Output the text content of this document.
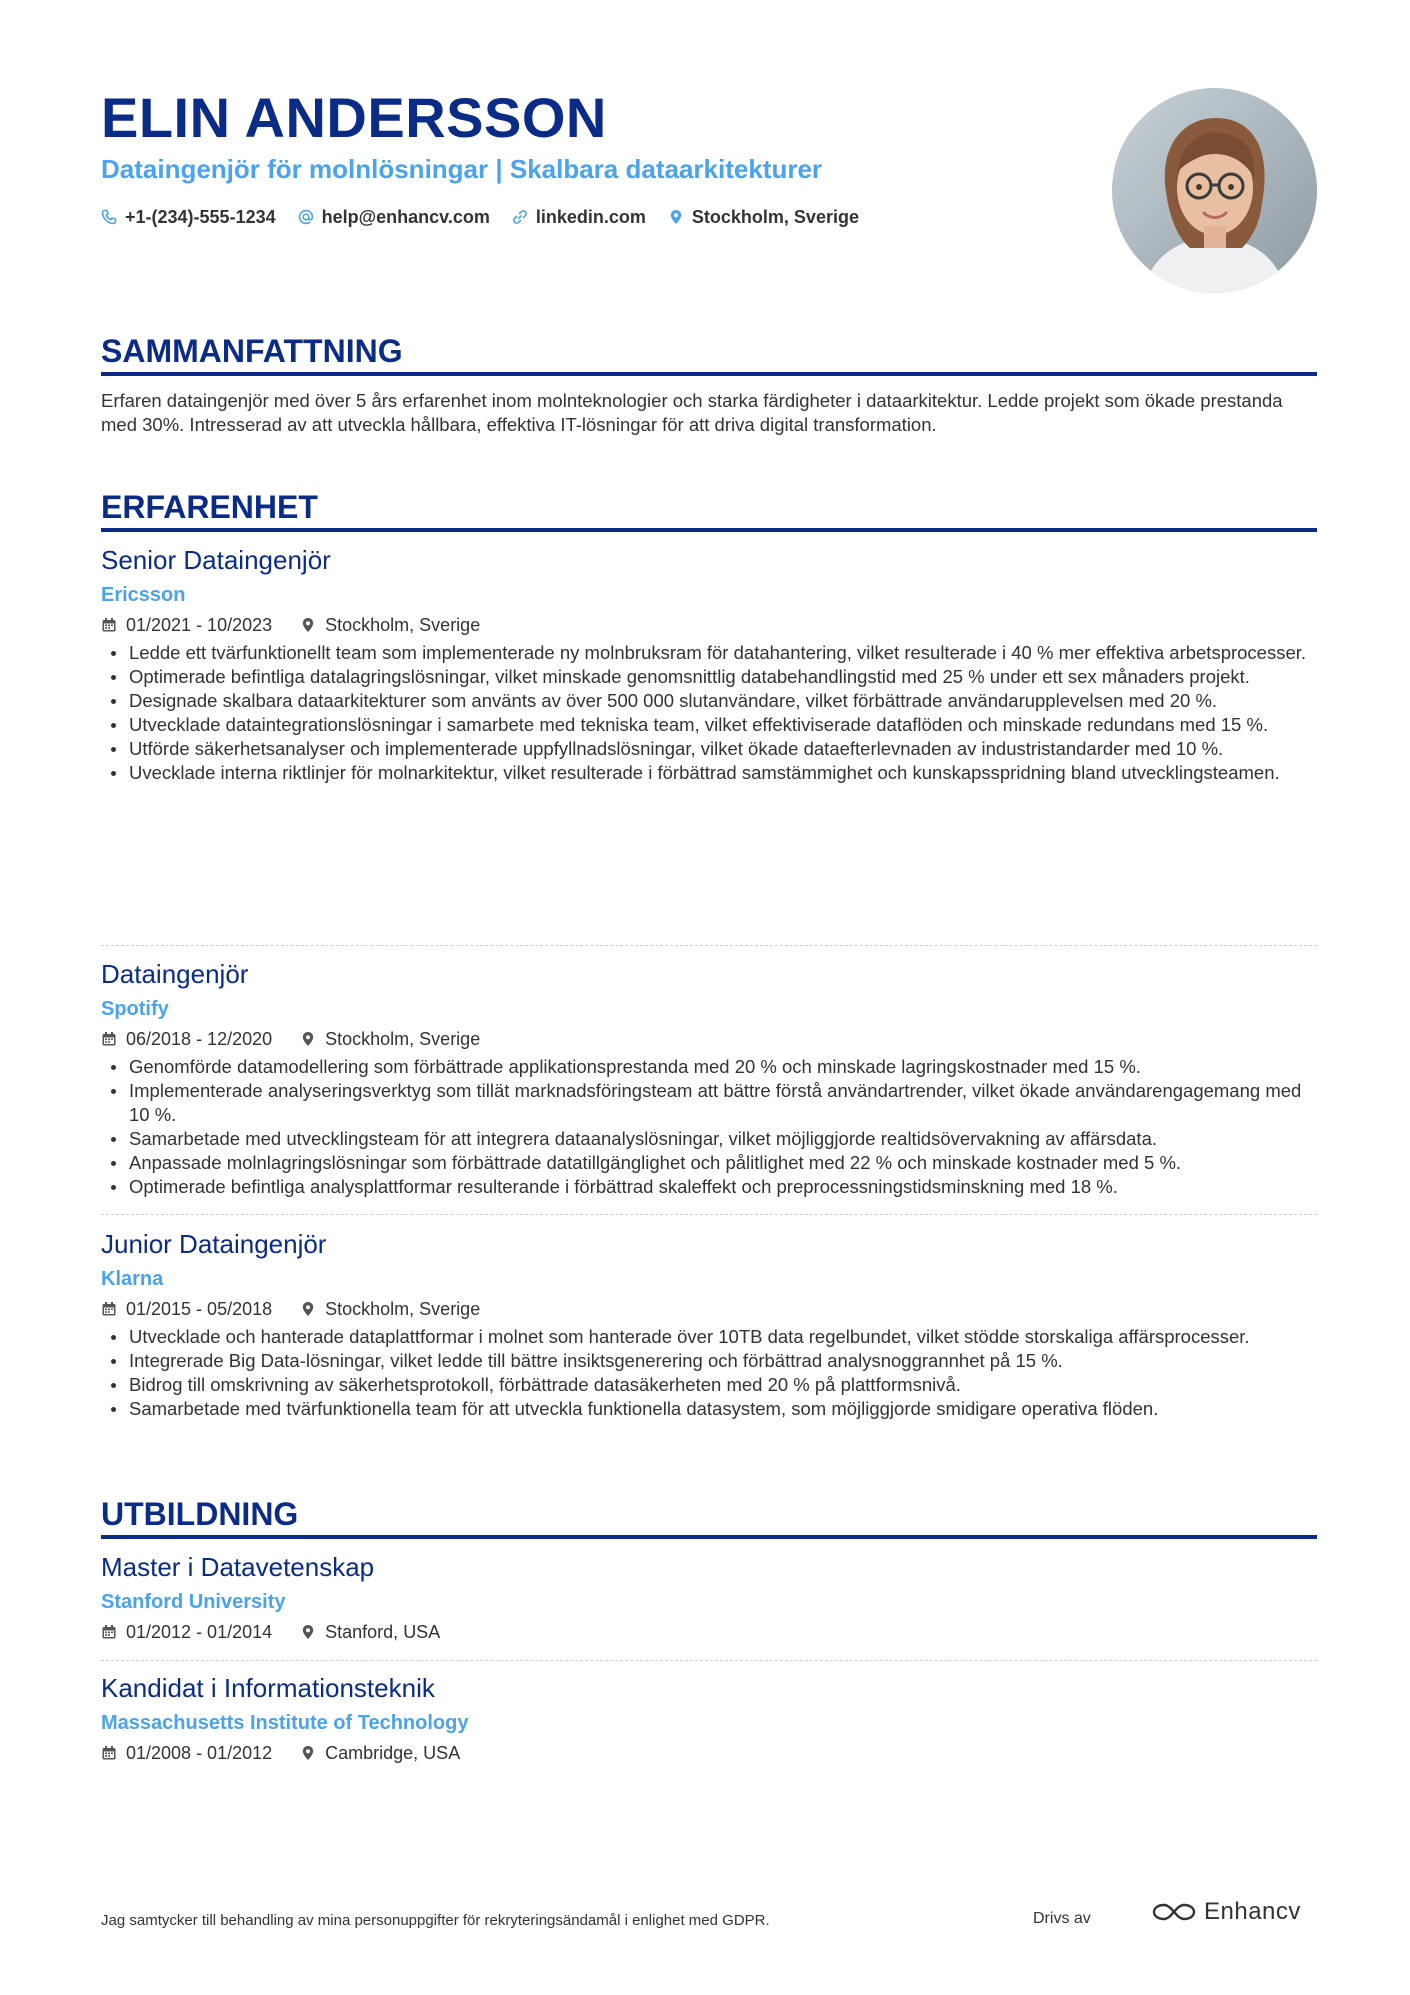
ELIN ANDERSSON

Dataingenjör för molnlösningar | Skalbara dataarkitekturer

+1-(234)-555-1234	help@enhancv.com	linkedin.com	Stockholm, Sverige
SAMMANFATTNING

Erfaren dataingenjör med över 5 års erfarenhet inom molnteknologier och starka färdigheter i dataarkitektur. Ledde projekt som ökade prestanda med 30%. Intresserad av att utveckla hållbara, effektiva IT-lösningar för att driva digital transformation.

ERFARENHET

Senior Dataingenjör

Ericsson

01/2021 - 10/2023	Stockholm, Sverige
Ledde ett tvärfunktionellt team som implementerade ny molnbruksram för datahantering, vilket resulterade i 40 % mer effektiva arbetsprocesser.
Optimerade befintliga datalagringslösningar, vilket minskade genomsnittlig databehandlingstid med 25 % under ett sex månaders projekt.
Designade skalbara dataarkitekturer som använts av över 500 000 slutanvändare, vilket förbättrade användarupplevelsen med 20 %.
Utvecklade dataintegrationslösningar i samarbete med tekniska team, vilket effektiviserade dataflöden och minskade redundans med 15 %.
Utförde säkerhetsanalyser och implementerade uppfyllnadslösningar, vilket ökade dataefterlevnaden av industristandarder med 10 %.
Uvecklade interna riktlinjer för molnarkitektur, vilket resulterade i förbättrad samstämmighet och kunskapsspridning bland utvecklingsteamen.

Dataingenjör

Spotify

06/2018 - 12/2020	Stockholm, Sverige
Genomförde datamodellering som förbättrade applikationsprestanda med 20 % och minskade lagringskostnader med 15 %.
Implementerade analyseringsverktyg som tillät marknadsföringsteam att bättre förstå användartrender, vilket ökade användarengagemang med 10 %.
Samarbetade med utvecklingsteam för att integrera dataanalyslösningar, vilket möjliggjorde realtidsövervakning av affärsdata.
Anpassade molnlagringslösningar som förbättrade datatillgänglighet och pålitlighet med 22 % och minskade kostnader med 5 %.
Optimerade befintliga analysplattformar resulterande i förbättrad skaleffekt och preprocessningstidsminskning med 18 %.

Junior Dataingenjör

Klarna

01/2015 - 05/2018	Stockholm, Sverige
Utvecklade och hanterade dataplattformar i molnet som hanterade över 10TB data regelbundet, vilket stödde storskaliga affärsprocesser.
Integrerade Big Data-lösningar, vilket ledde till bättre insiktsgenerering och förbättrad analysnoggrannhet på 15 %.
Bidrog till omskrivning av säkerhetsprotokoll, förbättrade datasäkerheten med 20 % på plattformsnivå.
Samarbetade med tvärfunktionella team för att utveckla funktionella datasystem, som möjliggjorde smidigare operativa flöden.
UTBILDNING

Master i Datavetenskap

Stanford University

01/2012 - 01/2014	Stanford, USA

Kandidat i Informationsteknik

Massachusetts Institute of Technology

01/2008 - 01/2012	Cambridge, USA

Jag samtycker till behandling av mina personuppgifter för rekryteringsändamål i enlighet med GDPR.	Drivs av	Enhancv
